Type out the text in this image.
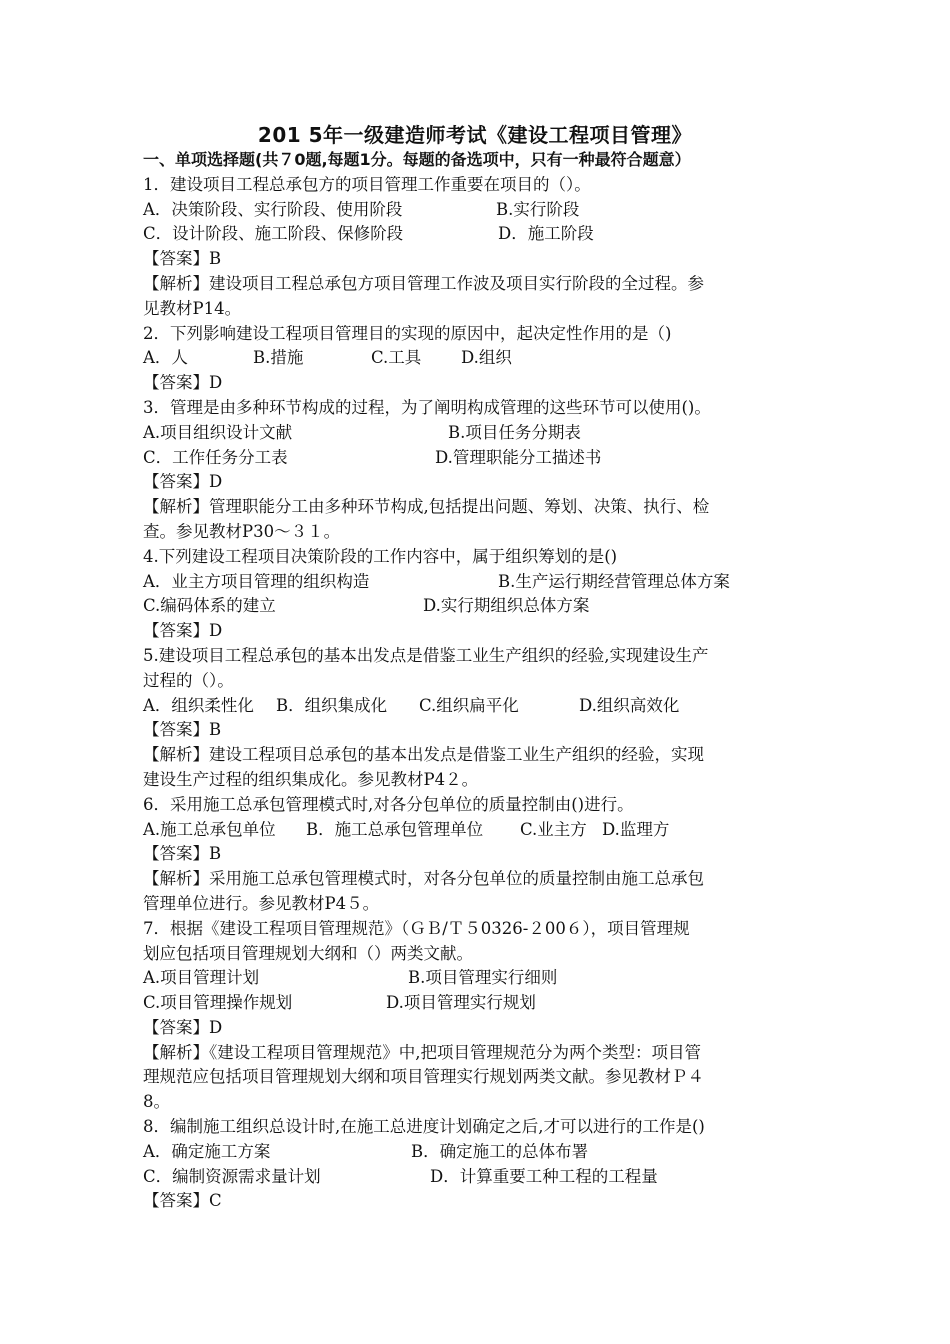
201 5年一级建造师考试《建设工程项目管理》
一、单项选择题(共７0题,每题1分。每题的备选项中，只有一种最符合题意）
1．建设项目工程总承包方的项目管理工作重要在项目的（）。
A．决策阶段、实行阶段、使用阶段	B.实行阶段
C．设计阶段、施工阶段、保修阶段	D．施工阶段
【答案】B
【解析】建设项目工程总承包方项目管理工作波及项目实行阶段的全过程。参
见教材P14。
2．下列影响建设工程项目管理目的实现的原因中，起决定性作用的是（)
A．人	B.措施	C.工具 D.组织
【答案】D
3．管理是由多种环节构成的过程，为了阐明构成管理的这些环节可以使用()。
A.项目组织设计文献	B.项目任务分期表
C．工作任务分工表	D.管理职能分工描述书
【答案】D
【解析】管理职能分工由多种环节构成,包括提出问题、筹划、决策、执行、检
查。参见教材P30～３１。
4.下列建设工程项目决策阶段的工作内容中，属于组织筹划的是()
A．业主方项目管理的组织构造	B.生产运行期经营管理总体方案
C.编码体系的建立	D.实行期组织总体方案
【答案】D
5.建设项目工程总承包的基本出发点是借鉴工业生产组织的经验,实现建设生产
过程的（）。
A．组织柔性化 B．组织集成化 C.组织扁平化	D.组织高效化
【答案】B
【解析】建设工程项目总承包的基本出发点是借鉴工业生产组织的经验，实现
建设生产过程的组织集成化。参见教材P4２。
6．采用施工总承包管理模式时,对各分包单位的质量控制由()进行。
A.施工总承包单位 B．施工总承包管理单位 C.业主方 D.监理方
【答案】B
【解析】采用施工总承包管理模式时，对各分包单位的质量控制由施工总承包
管理单位进行。参见教材P4５。
7．根据《建设工程项目管理规范》（ＧＢ/Ｔ５0326-２00６），项目管理规
划应包括项目管理规划大纲和（）两类文献。
A.项目管理计划	B.项目管理实行细则
C.项目管理操作规划	D.项目管理实行规划
【答案】D
【解析】《建设工程项目管理规范》中,把项目管理规范分为两个类型：项目管
理规范应包括项目管理规划大纲和项目管理实行规划两类文献。参见教材Ｐ４
8。
8．编制施工组织总设计时,在施工总进度计划确定之后,才可以进行的工作是()
A．确定施工方案	B．确定施工的总体布署
C．编制资源需求量计划	D．计算重要工种工程的工程量
【答案】C
